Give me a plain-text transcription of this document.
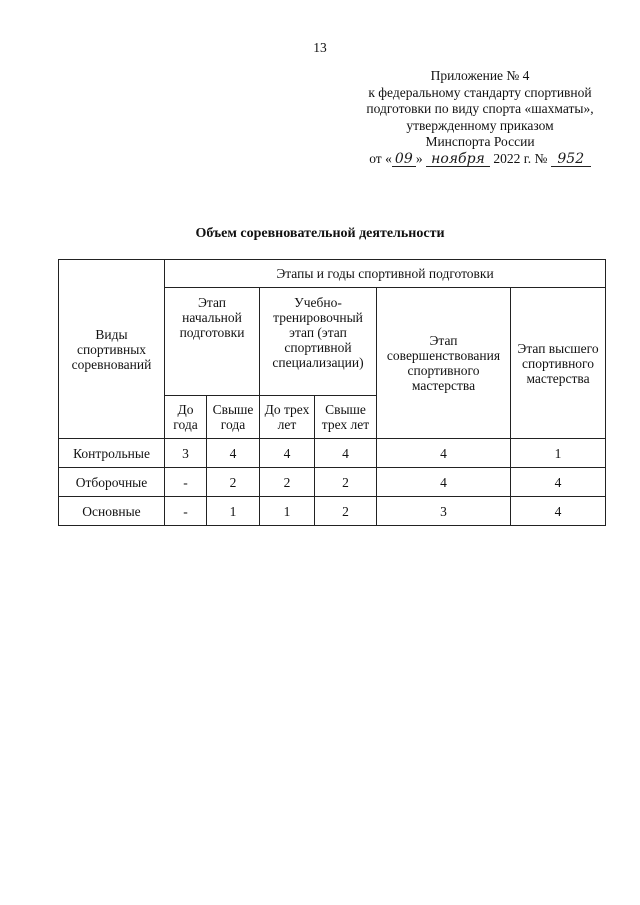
13
Приложение № 4
к федеральному стандарту спортивной
подготовки по виду спорта «шахматы»,
утвержденному приказом
Минспорта России
от « 09 » ноября 2022 г. № 952
Объем соревновательной деятельности
Виды спортивных соревнований	Этапы и годы спортивной подготовки					
	Этап начальной подготовки		Учебно-тренировочный этап (этап спортивной специализации)		Этап совершенствования спортивного мастерства	Этап высшего спортивного мастерства
	До года	Свыше года	До трех лет	Свыше трех лет		
Контрольные	3	4	4	4	4	1
Отборочные	-	2	2	2	4	4
Основные	-	1	1	2	3	4
